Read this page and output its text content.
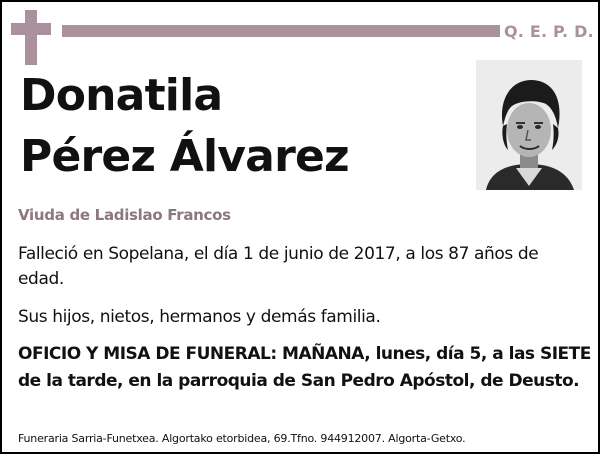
Q. E. P. D.
Donatila
Pérez Álvarez
Viuda de Ladislao Francos
Falleció en Sopelana, el día 1 de junio de 2017, a los 87 años de edad.
Sus hijos, nietos, hermanos y demás familia.
OFICIO Y MISA DE FUNERAL: MAÑANA, lunes, día 5, a las SIETE de la tarde, en la parroquia de San Pedro Apóstol, de Deusto.
Funeraria Sarria-Funetxea. Algortako etorbidea, 69.Tfno. 944912007. Algorta-Getxo.
